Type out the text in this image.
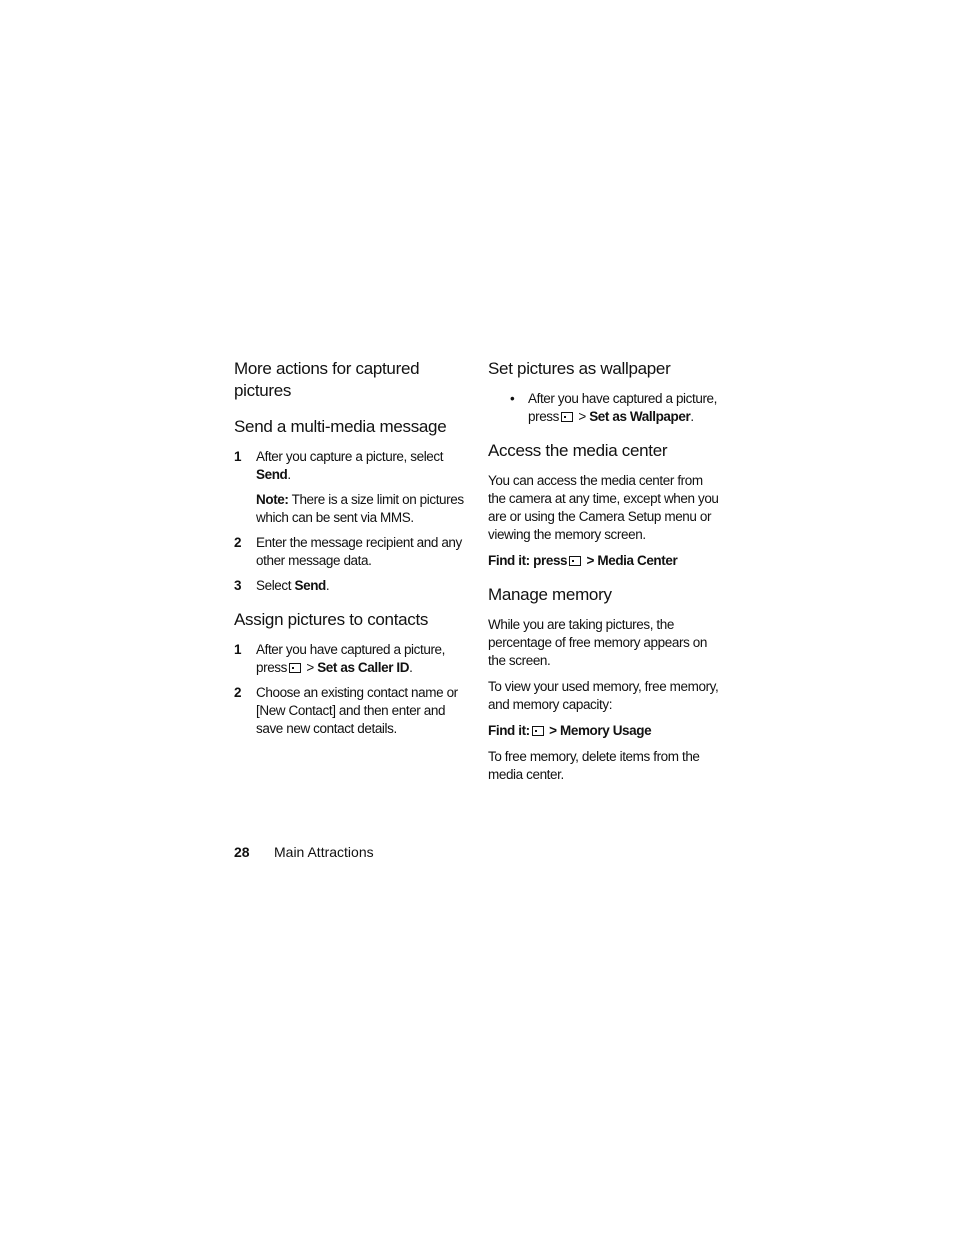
More actions for captured pictures
Send a multi-media message
1 After you capture a picture, select Send.

Note: There is a size limit on pictures which can be sent via MMS.

2 Enter the message recipient and any other message data.
3 Select Send.
Assign pictures to contacts
1 After you have captured a picture, press > Set as Caller ID.
2 Choose an existing contact name or [New Contact] and then enter and save new contact details.
Set pictures as wallpaper
• After you have captured a picture, press > Set as Wallpaper.
Access the media center

You can access the media center from the camera at any time, except when you are or using the Camera Setup menu or viewing the memory screen.

Find it: press > Media Center

Manage memory

While you are taking pictures, the percentage of free memory appears on the screen.

To view your used memory, free memory, and memory capacity:

Find it: > Memory Usage

To free memory, delete items from the media center.

28 Main Attractions
